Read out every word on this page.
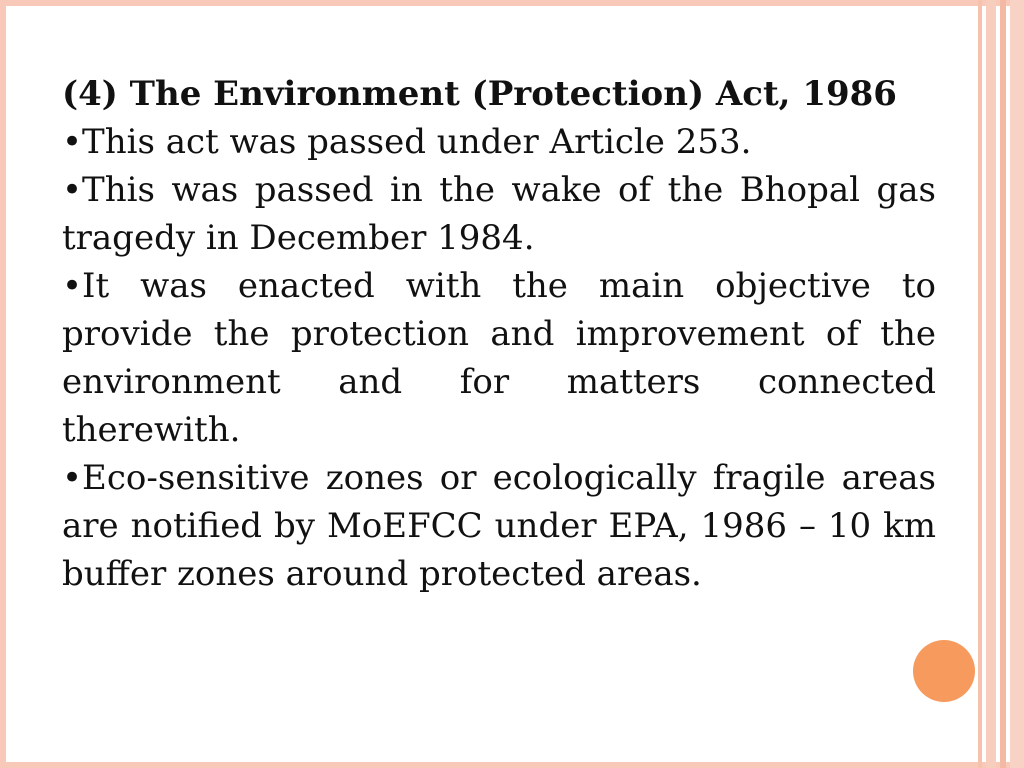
(4) The Environment (Protection) Act, 1986

•This act was passed under Article 253.

•This was passed in the wake of the Bhopal gas tragedy in December 1984.

•It was enacted with the main objective to provide the protection and improvement of the environment and for matters connected therewith.

•Eco-sensitive zones or ecologically fragile areas are notified by MoEFCC under EPA, 1986 – 10 km buffer zones around protected areas.
